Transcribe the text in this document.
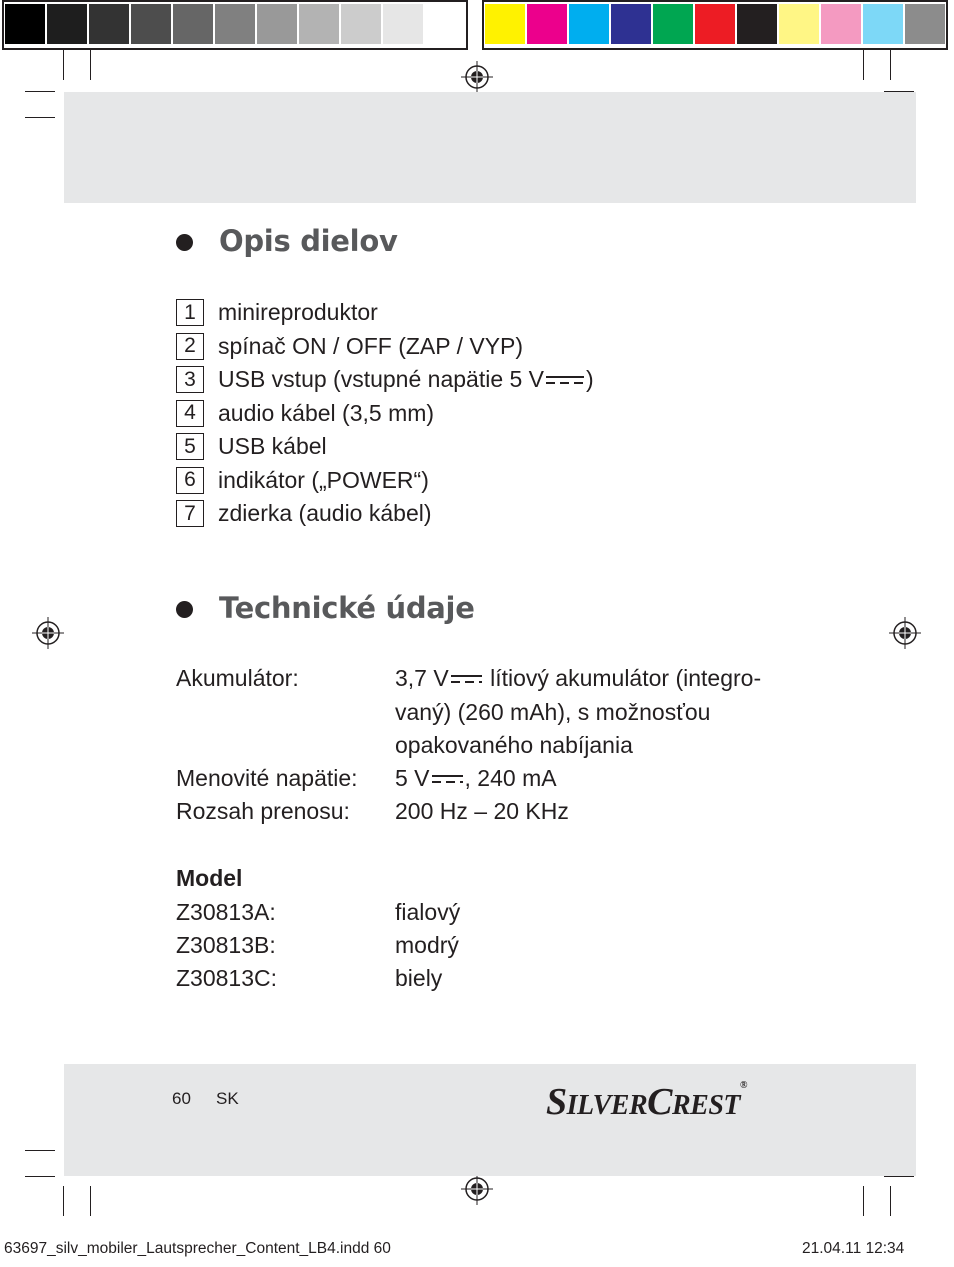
Opis dielov
1 minireproduktor
2 spínač ON / OFF (ZAP / VYP)
3 USB vstup (vstupné napätie 5 V )
4 audio kábel (3,5 mm)
5 USB kábel
6 indikátor („POWER“)
7 zdierka (audio kábel)
Technické údaje
Akumulátor:	3,7 V lítiový akumulátor (integro-
vaný) (260 mAh), s možnosťou
opakovaného nabíjania
Menovité napätie: 5 V , 240 mA
Rozsah prenosu: 200 Hz – 20 KHz
Model
Z30813A:	fialový
Z30813B:	modrý
Z30813C:	biely
60 SK	SILVERCREST®
63697_silv_mobiler_Lautsprecher_Content_LB4.indd 60	21.04.11 12:34
